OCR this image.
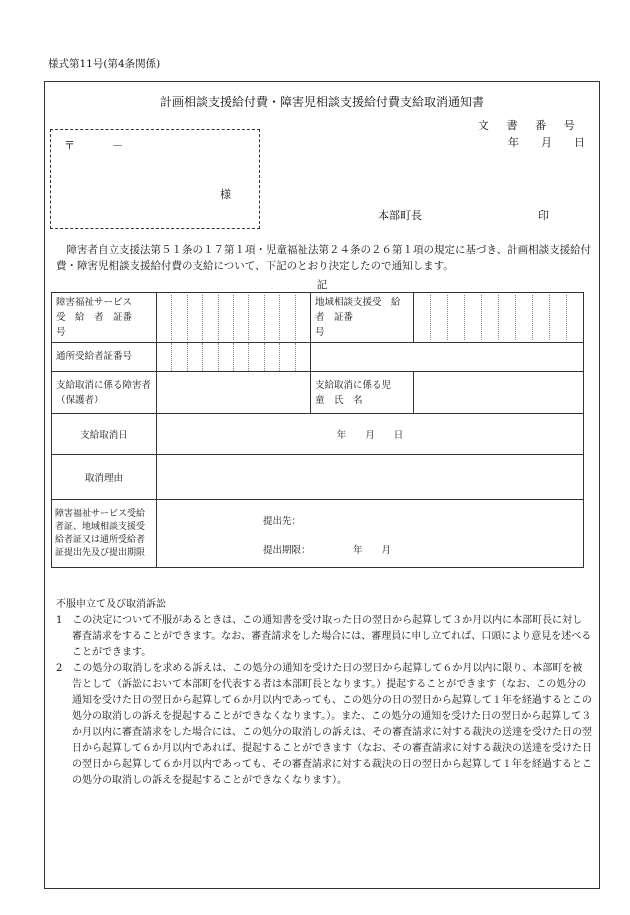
様式第11号(第4条関係)
計画相談支援給付費・障害児相談支援給付費支給取消通知書
文　書　番　号
年　　月　　日
〒	－
様
本部町長	印
障害者自立支援法第５１条の１７第１項・児童福祉法第２４条の２６第１項の規定に基づき、計画相談支援給付費・障害児相談支援給付費の支給について、下記のとおり決定したので通知します。
記
障害福祉サービス受　給　者　証番　　　　　号		地域相談支援受　給　者　証番　　　　　号	

通所受給者証番号		

支給取消に係る障害者（保護者）		支給取消に係る児　童　氏　名	

支給取消日	年　　月　　日		
取消理由			
障害福祉サービス受給者証、地域相談支援受給者証又は通所受給者証提出先及び提出期限	提出先：
提出期限： 年　　月		
不服申立て及び取消訴訟
1　この決定について不服があるときは、この通知書を受け取った日の翌日から起算して３か月以内に本部町長に対し審査請求をすることができます。なお、審査請求をした場合には、審理員に申し立てれば、口頭により意見を述べることができます。
2　この処分の取消しを求める訴えは、この処分の通知を受けた日の翌日から起算して６か月以内に限り、本部町を被告として（訴訟において本部町を代表する者は本部町長となります。）提起することができます（なお、この処分の通知を受けた日の翌日から起算して６か月以内であっても、この処分の日の翌日から起算して１年を経過するとこの処分の取消しの訴えを提起することができなくなります。）。また、この処分の通知を受けた日の翌日から起算して３か月以内に審査請求をした場合には、この処分の取消しの訴えは、その審査請求に対する裁決の送達を受けた日の翌日から起算して６か月以内であれば、提起することができます（なお、その審査請求に対する裁決の送達を受けた日の翌日から起算して６か月以内であっても、その審査請求に対する裁決の日の翌日から起算して１年を経過するとこの処分の取消しの訴えを提起することができなくなります）。
